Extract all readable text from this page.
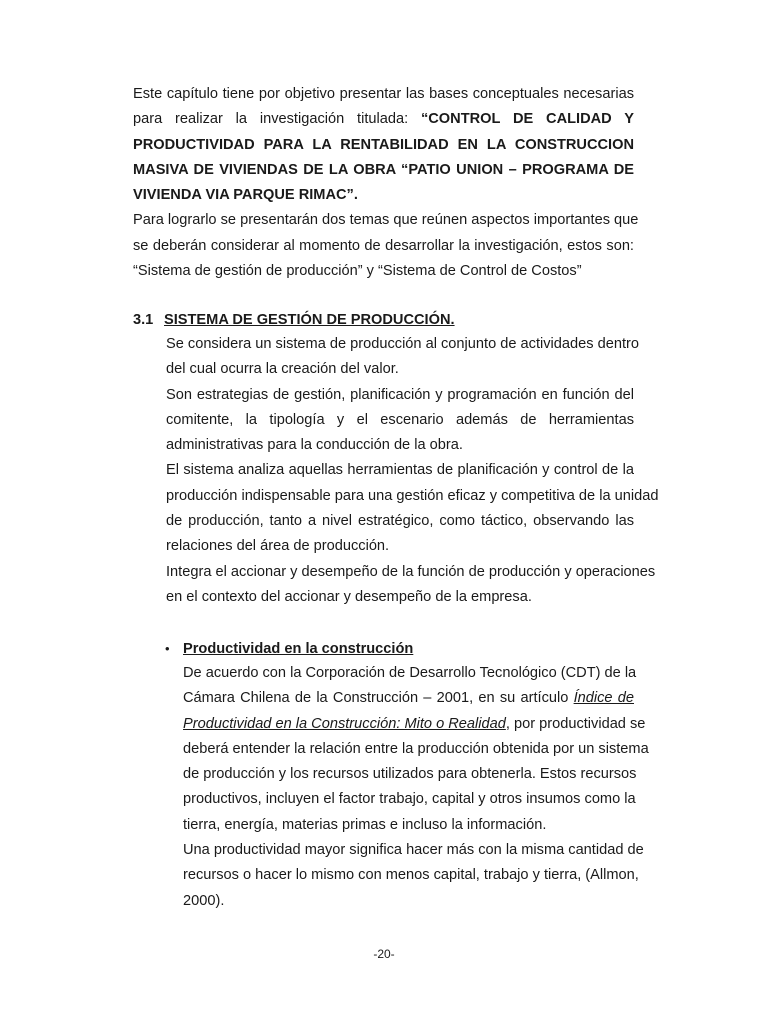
Este capítulo tiene por objetivo presentar las bases conceptuales necesarias
para realizar la investigación titulada: “CONTROL DE CALIDAD Y
PRODUCTIVIDAD PARA LA RENTABILIDAD EN LA CONSTRUCCION
MASIVA DE VIVIENDAS DE LA OBRA “PATIO UNION – PROGRAMA DE
VIVIENDA VIA PARQUE RIMAC”.
Para lograrlo se presentarán dos temas que reúnen aspectos importantes que
se deberán considerar al momento de desarrollar la investigación, estos son:
“Sistema de gestión de producción” y “Sistema de Control de Costos”
3.1 SISTEMA DE GESTIÓN DE PRODUCCIÓN.
Se considera un sistema de producción al conjunto de actividades dentro
del cual ocurra la creación del valor.
Son estrategias de gestión, planificación y programación en función del
comitente, la tipología y el escenario además de herramientas
administrativas para la conducción de la obra.
El sistema analiza aquellas herramientas de planificación y control de la
producción indispensable para una gestión eficaz y competitiva de la unidad
de producción, tanto a nivel estratégico, como táctico, observando las
relaciones del área de producción.
Integra el accionar y desempeño de la función de producción y operaciones
en el contexto del accionar y desempeño de la empresa.
• Productividad en la construcción
De acuerdo con la Corporación de Desarrollo Tecnológico (CDT) de la
Cámara Chilena de la Construcción – 2001, en su artículo Índice de
Productividad en la Construcción: Mito o Realidad, por productividad se
deberá entender la relación entre la producción obtenida por un sistema
de producción y los recursos utilizados para obtenerla. Estos recursos
productivos, incluyen el factor trabajo, capital y otros insumos como la
tierra, energía, materias primas e incluso la información.
Una productividad mayor significa hacer más con la misma cantidad de
recursos o hacer lo mismo con menos capital, trabajo y tierra, (Allmon,
2000).
-20-
